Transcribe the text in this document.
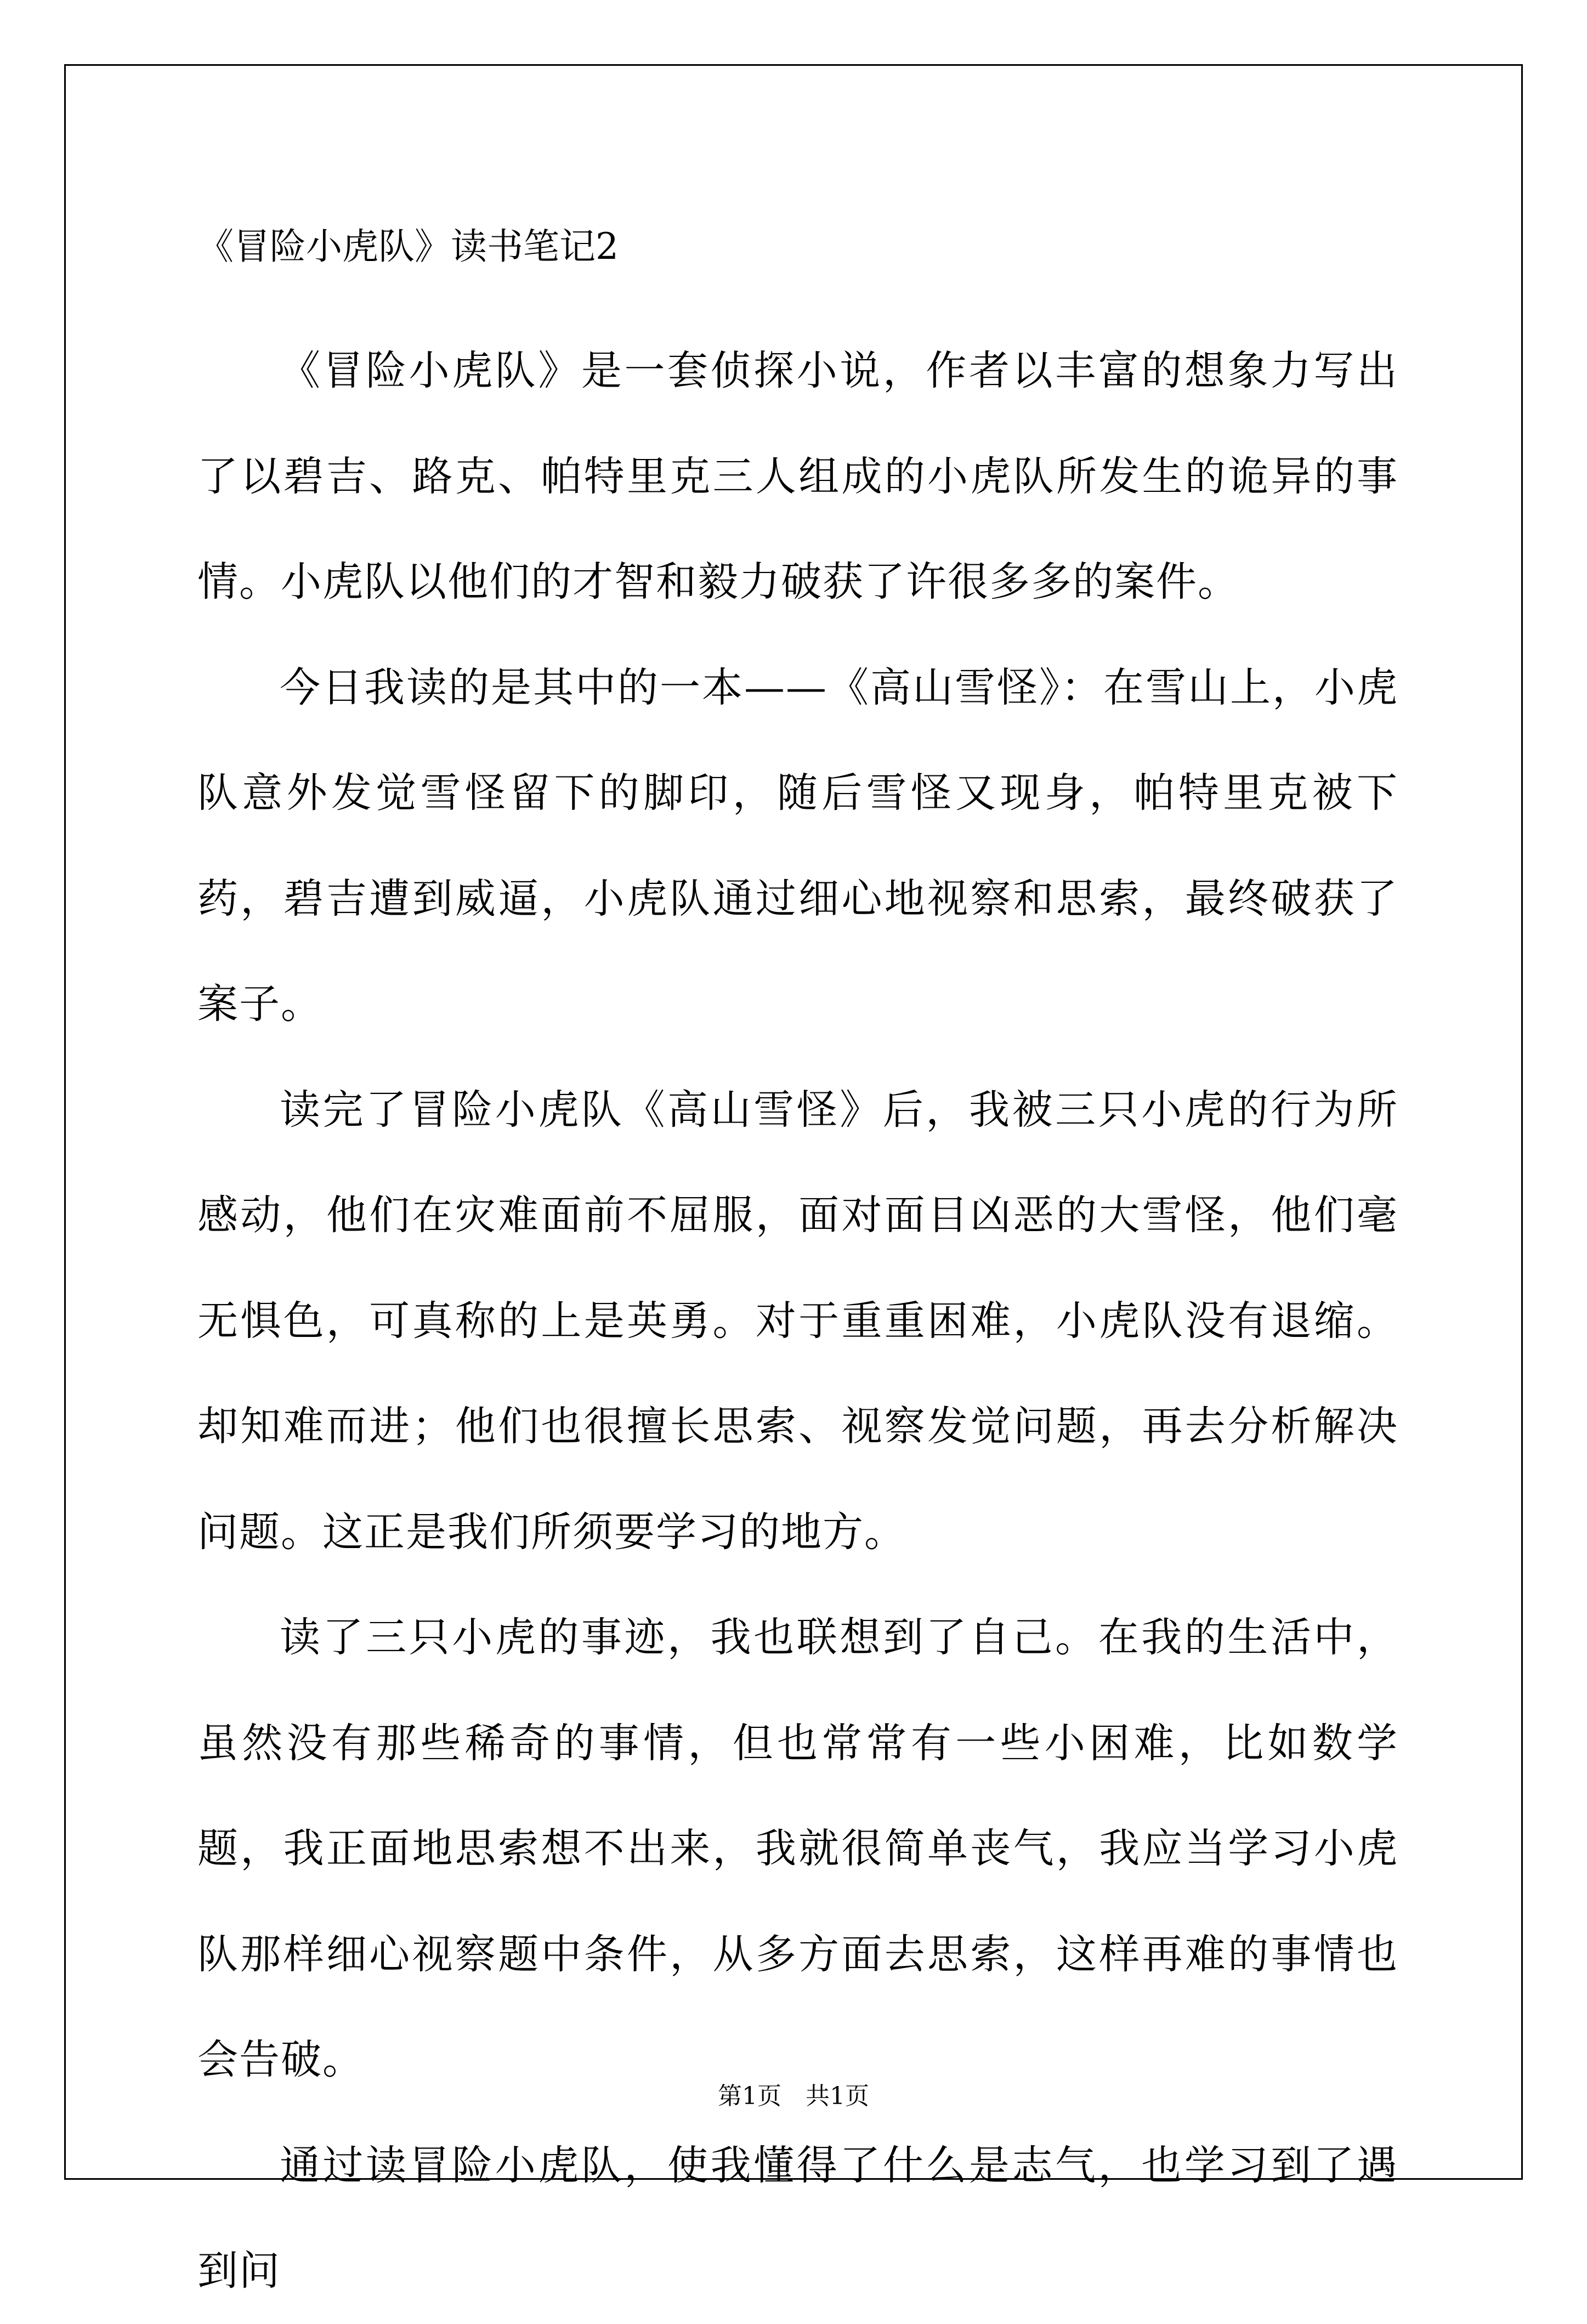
《冒险小虎队》读书笔记2

《冒险小虎队》是一套侦探小说，作者以丰富的想象力写出了以碧吉、路克、帕特里克三人组成的小虎队所发生的诡异的事情。小虎队以他们的才智和毅力破获了许很多多的案件。

今日我读的是其中的一本——《高山雪怪》：在雪山上，小虎队意外发觉雪怪留下的脚印，随后雪怪又现身，帕特里克被下药，碧吉遭到威逼，小虎队通过细心地视察和思索，最终破获了案子。

读完了冒险小虎队《高山雪怪》后，我被三只小虎的行为所感动，他们在灾难面前不屈服，面对面目凶恶的大雪怪，他们毫无惧色，可真称的上是英勇。对于重重困难，小虎队没有退缩。却知难而进；他们也很擅长思索、视察发觉问题，再去分析解决问题。这正是我们所须要学习的地方。

读了三只小虎的事迹，我也联想到了自己。在我的生活中，虽然没有那些稀奇的事情，但也常常有一些小困难，比如数学题，我正面地思索想不出来，我就很简单丧气，我应当学习小虎队那样细心视察题中条件，从多方面去思索，这样再难的事情也会告破。

通过读冒险小虎队，使我懂得了什么是志气，也学习到了遇到问

第1页 共1页
